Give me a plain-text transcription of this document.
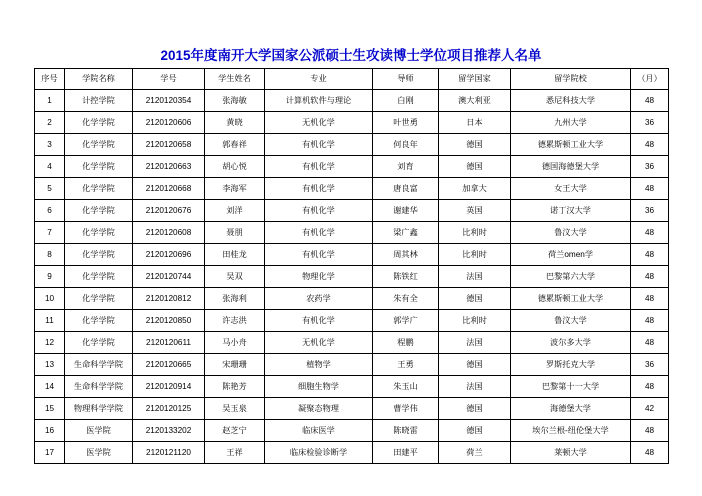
2015年度南开大学国家公派硕士生攻读博士学位项目推荐人名单
序号	学院名称	学号	学生姓名	专业	导师	留学国家	留学院校	（月）
1	计控学院	2120120354	张海敏	计算机软件与理论	白刚	澳大利亚	悉尼科技大学	48
2	化学学院	2120120606	黄晓	无机化学	叶世勇	日本	九州大学	36
3	化学学院	2120120658	郭春祥	有机化学	何良年	德国	德累斯顿工业大学	48
4	化学学院	2120120663	胡心悦	有机化学	刘育	德国	德国海德堡大学	36
5	化学学院	2120120668	李海军	有机化学	唐良富	加拿大	女王大学	48
6	化学学院	2120120676	刘洋	有机化学	谢建华	英国	诺丁汉大学	36
7	化学学院	2120120608	聂朋	有机化学	梁广鑫	比利时	鲁汶大学	48
8	化学学院	2120120696	田桂龙	有机化学	周其林	比利时	荷兰omen学	48
9	化学学院	2120120744	吴双	物理化学	陈铁红	法国	巴黎第六大学	48
10	化学学院	2120120812	张海利	农药学	朱有全	德国	德累斯顿工业大学	48
11	化学学院	2120120850	许志洪	有机化学	郭学广	比利时	鲁汶大学	48
12	化学学院	2120120611	马小舟	无机化学	程鹏	法国	波尔多大学	48
13	生命科学学院	2120120665	宋珊珊	植物学	王勇	德国	罗斯托克大学	36
14	生命科学学院	2120120914	陈艳芳	细胞生物学	朱玉山	法国	巴黎第十一大学	48
15	物理科学学院	2120120125	吴玉泉	凝聚态物理	曹学伟	德国	海德堡大学	42
16	医学院	2120133202	赵芝宁	临床医学	陈晓雷	德国	埃尔兰根-纽伦堡大学	48
17	医学院	2120121120	王祥	临床检验诊断学	田建平	荷兰	莱顿大学	48
